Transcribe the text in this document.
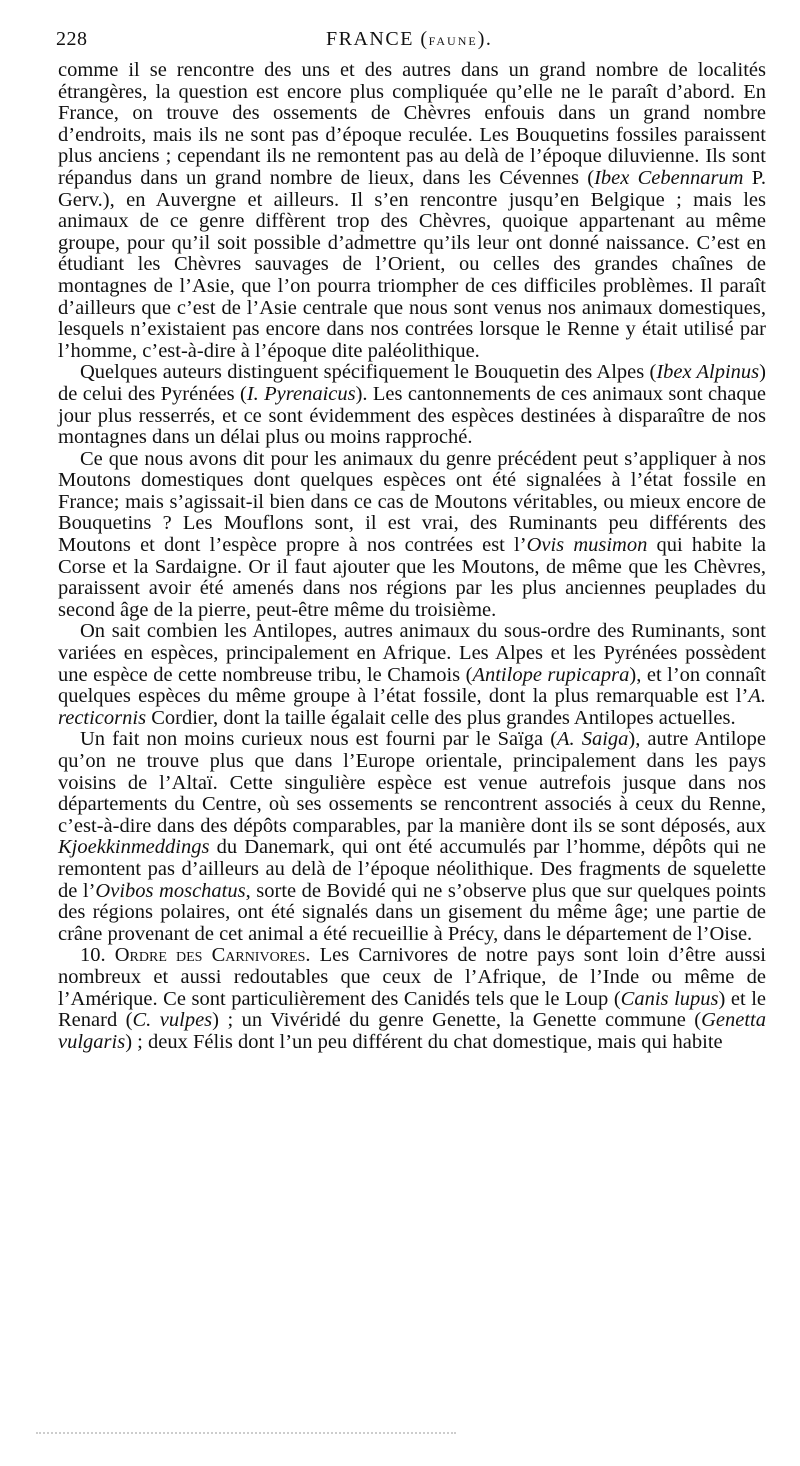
228	FRANCE (faune).

comme il se rencontre des uns et des autres dans un grand nombre de localités étrangères, la question est encore plus compliquée qu’elle ne le paraît d’abord. En France, on trouve des ossements de Chèvres enfouis dans un grand nombre d’endroits, mais ils ne sont pas d’époque reculée. Les Bouquetins fossiles paraissent plus anciens ; cependant ils ne remontent pas au delà de l’époque diluvienne. Ils sont répandus dans un grand nombre de lieux, dans les Cévennes (Ibex Cebennarum P. Gerv.), en Auvergne et ailleurs. Il s’en rencontre jusqu’en Belgique ; mais les animaux de ce genre diffèrent trop des Chèvres, quoique appartenant au même groupe, pour qu’il soit possible d’admettre qu’ils leur ont donné naissance. C’est en étudiant les Chèvres sauvages de l’Orient, ou celles des grandes chaînes de montagnes de l’Asie, que l’on pourra triompher de ces difficiles problèmes. Il paraît d’ailleurs que c’est de l’Asie centrale que nous sont venus nos animaux domestiques, lesquels n’existaient pas encore dans nos contrées lorsque le Renne y était utilisé par l’homme, c’est-à-dire à l’époque dite paléolithique.

Quelques auteurs distinguent spécifiquement le Bouquetin des Alpes (Ibex Alpinus) de celui des Pyrénées (I. Pyrenaicus). Les cantonnements de ces animaux sont chaque jour plus resserrés, et ce sont évidemment des espèces destinées à disparaître de nos montagnes dans un délai plus ou moins rapproché.

Ce que nous avons dit pour les animaux du genre précédent peut s’appliquer à nos Moutons domestiques dont quelques espèces ont été signalées à l’état fossile en France; mais s’agissait-il bien dans ce cas de Moutons véritables, ou mieux encore de Bouquetins ? Les Mouflons sont, il est vrai, des Ruminants peu différents des Moutons et dont l’espèce propre à nos contrées est l’Ovis musimon qui habite la Corse et la Sardaigne. Or il faut ajouter que les Moutons, de même que les Chèvres, paraissent avoir été amenés dans nos régions par les plus anciennes peuplades du second âge de la pierre, peut-être même du troisième.

On sait combien les Antilopes, autres animaux du sous-ordre des Ruminants, sont variées en espèces, principalement en Afrique. Les Alpes et les Pyrénées possèdent une espèce de cette nombreuse tribu, le Chamois (Antilope rupicapra), et l’on connaît quelques espèces du même groupe à l’état fossile, dont la plus remarquable est l’A. recticornis Cordier, dont la taille égalait celle des plus grandes Antilopes actuelles.

Un fait non moins curieux nous est fourni par le Saïga (A. Saiga), autre Antilope qu’on ne trouve plus que dans l’Europe orientale, principalement dans les pays voisins de l’Altaï. Cette singulière espèce est venue autrefois jusque dans nos départements du Centre, où ses ossements se rencontrent associés à ceux du Renne, c’est-à-dire dans des dépôts comparables, par la manière dont ils se sont déposés, aux Kjoekkinmeddings du Danemark, qui ont été accumulés par l’homme, dépôts qui ne remontent pas d’ailleurs au delà de l’époque néolithique. Des fragments de squelette de l’Ovibos moschatus, sorte de Bovidé qui ne s’observe plus que sur quelques points des régions polaires, ont été signalés dans un gisement du même âge; une partie de crâne provenant de cet animal a été recueillie à Précy, dans le département de l’Oise.

10. Ordre des Carnivores. Les Carnivores de notre pays sont loin d’être aussi nombreux et aussi redoutables que ceux de l’Afrique, de l’Inde ou même de l’Amérique. Ce sont particulièrement des Canidés tels que le Loup (Canis lupus) et le Renard (C. vulpes) ; un Vivéridé du genre Genette, la Genette commune (Genetta vulgaris) ; deux Félis dont l’un peu différent du chat domestique, mais qui habite
